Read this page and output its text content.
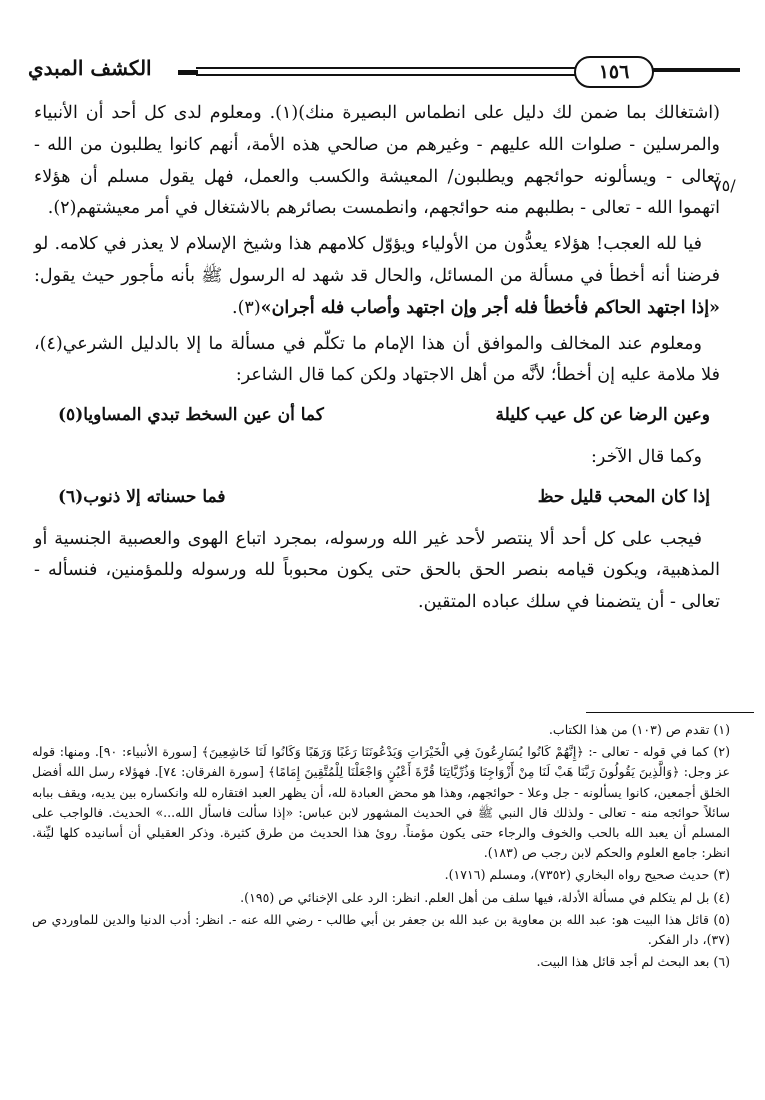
الكشف المبدي	١٥٦
٧٥/

(اشتغالك بما ضمن لك دليل على انطماس البصيرة منك)(١). ومعلوم لدى كل أحد أن الأنبياء والمرسلين - صلوات الله عليهم - وغيرهم من صالحي هذه الأمة، أنهم كانوا يطلبون من الله - تعالى - ويسألونه حوائجهم ويطلبون/ المعيشة والكسب والعمل، فهل يقول مسلم أن هؤلاء اتهموا الله - تعالى - بطلبهم منه حوائجهم، وانطمست بصائرهم بالاشتغال في أمر معيشتهم(٢).

فيا لله العجب! هؤلاء يعدُّون من الأولياء ويؤوّل كلامهم هذا وشيخ الإسلام لا يعذر في كلامه. لو فرضنا أنه أخطأ في مسألة من المسائل، والحال قد شهد له الرسول ﷺ بأنه مأجور حيث يقول: «إذا اجتهد الحاكم فأخطأ فله أجر وإن اجتهد وأصاب فله أجران»(٣).

ومعلوم عند المخالف والموافق أن هذا الإمام ما تكلّم في مسألة ما إلا بالدليل الشرعي(٤)، فلا ملامة عليه إن أخطأ؛ لأنَّه من أهل الاجتهاد ولكن كما قال الشاعر:

وعين الرضا عن كل عيب كليلة
كما أن عين السخط تبدي المساويا(٥)

وكما قال الآخر:

إذا كان المحب قليل حظ
فما حسناته إلا ذنوب(٦)

فيجب على كل أحد ألا ينتصر لأحد غير الله ورسوله، بمجرد اتباع الهوى والعصبية الجنسية أو المذهبية، ويكون قيامه بنصر الحق بالحق حتى يكون محبوباً لله ورسوله وللمؤمنين، فنسأله - تعالى - أن يتضمنا في سلك عباده المتقين.

(١) تقدم ص (١٠٣) من هذا الكتاب.

(٢) كما في قوله - تعالى -: ﴿إِنَّهُمْ كَانُوا يُسَارِعُونَ فِي الْخَيْرَاتِ وَيَدْعُونَنَا رَغَبًا وَرَهَبًا وَكَانُوا لَنَا خَاشِعِينَ﴾ [سورة الأنبياء: ٩٠]. ومنها: قوله عز وجل: ﴿وَالَّذِينَ يَقُولُونَ رَبَّنَا هَبْ لَنَا مِنْ أَزْوَاجِنَا وَذُرِّيَّاتِنَا قُرَّةَ أَعْيُنٍ وَاجْعَلْنَا لِلْمُتَّقِينَ إِمَامًا﴾ [سورة الفرقان: ٧٤]. فهؤلاء رسل الله أفضل الخلق أجمعين، كانوا يسألونه - جل وعلا - حوائجهم، وهذا هو محض العبادة لله، أن يظهر العبد افتقاره لله وانكساره بين يديه، ويقف ببابه سائلاً حوائجه منه - تعالى - ولذلك قال النبي ﷺ في الحديث المشهور لابن عباس: «إذا سألت فاسأل الله...» الحديث. فالواجب على المسلم أن يعبد الله بالحب والخوف والرجاء حتى يكون مؤمناً. روئ هذا الحديث من طرق كثيرة. وذكر العقيلي أن أسانيده كلها ليِّنة. انظر: جامع العلوم والحكم لابن رجب ص (١٨٣).

(٣) حديث صحيح رواه البخاري (٧٣٥٢)، ومسلم (١٧١٦).

(٤) بل لم يتكلم في مسألة الأدلة، فيها سلف من أهل العلم. انظر: الرد على الإخنائي ص (١٩٥).

(٥) قائل هذا البيت هو: عبد الله بن معاوية بن عبد الله بن جعفر بن أبي طالب - رضي الله عنه -. انظر: أدب الدنيا والدين للماوردي ص (٣٧)، دار الفكر.

(٦) بعد البحث لم أجد قائل هذا البيت.
